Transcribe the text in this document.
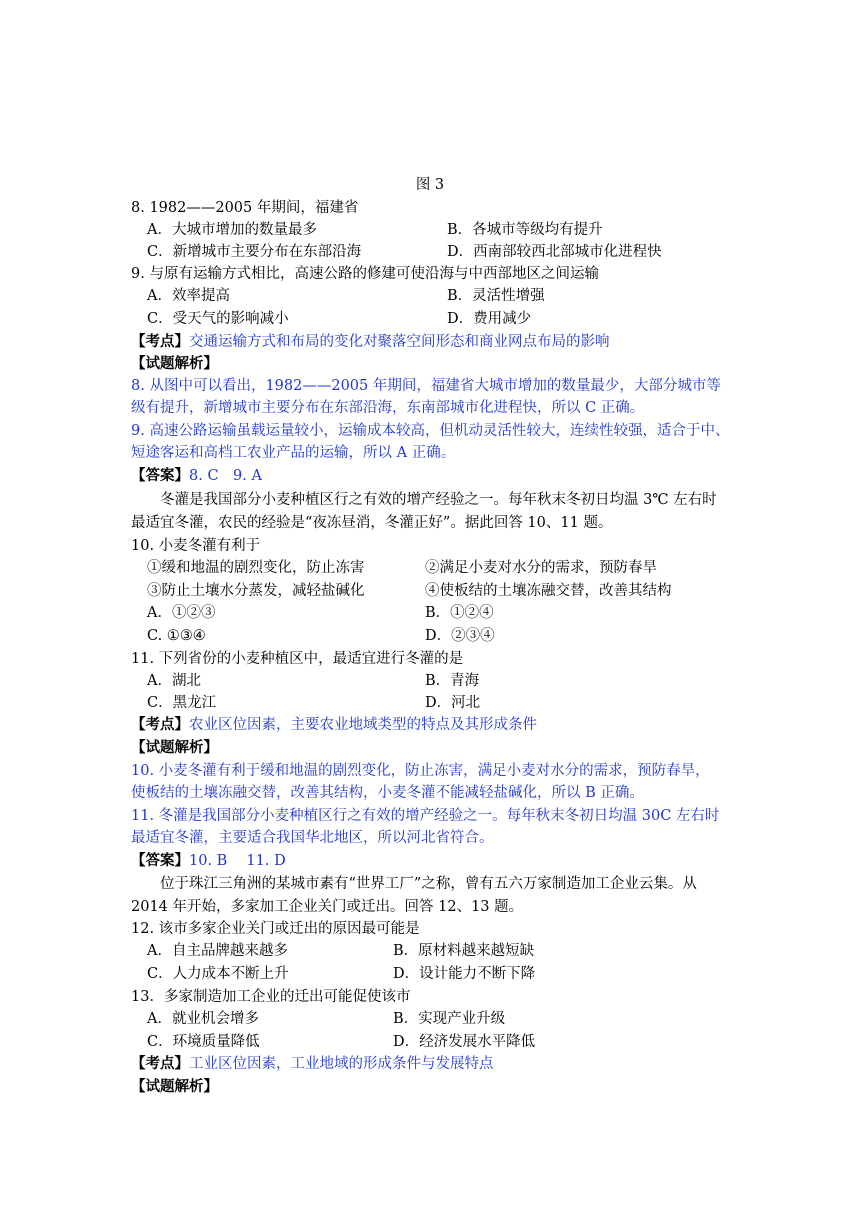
图 3
8. 1982——2005 年期间，福建省
A．大城市增加的数量最多	B．各城市等级均有提升
C．新增城市主要分布在东部沿海	D．西南部较西北部城市化进程快
9. 与原有运输方式相比，高速公路的修建可使沿海与中西部地区之间运输
A．效率提高	B．灵活性增强
C．受天气的影响减小	D．费用减少
【考点】交通运输方式和布局的变化对聚落空间形态和商业网点布局的影响
【试题解析】
8. 从图中可以看出，1982——2005 年期间，福建省大城市增加的数量最少，大部分城市等
级有提升，新增城市主要分布在东部沿海，东南部城市化进程快，所以 C 正确。
9. 高速公路运输虽载运量较小，运输成本较高，但机动灵活性较大，连续性较强，适合于中、
短途客运和高档工农业产品的运输，所以 A 正确。
【答案】8. C　9. A
冬灌是我国部分小麦种植区行之有效的增产经验之一。每年秋末冬初日均温 3℃ 左右时
最适宜冬灌，农民的经验是“夜冻昼消，冬灌正好”。据此回答 10、11 题。
10. 小麦冬灌有利于
①缓和地温的剧烈变化，防止冻害	②满足小麦对水分的需求，预防春旱
③防止土壤水分蒸发，减轻盐碱化	④使板结的土壤冻融交替，改善其结构
A．①②③	B．①②④
C. ①③④	D．②③④
11. 下列省份的小麦种植区中，最适宜进行冬灌的是
A．湖北	B．青海
C．黑龙江	D．河北
【考点】农业区位因素，主要农业地域类型的特点及其形成条件
【试题解析】
10. 小麦冬灌有利于缓和地温的剧烈变化，防止冻害，满足小麦对水分的需求，预防春旱，
使板结的土壤冻融交替，改善其结构，小麦冬灌不能减轻盐碱化，所以 B 正确。
11. 冬灌是我国部分小麦种植区行之有效的增产经验之一。每年秋末冬初日均温 30C 左右时
最适宜冬灌，主要适合我国华北地区，所以河北省符合。
【答案】10. B　 11. D
位于珠江三角洲的某城市素有“世界工厂”之称，曾有五六万家制造加工企业云集。从
2014 年开始，多家加工企业关门或迁出。回答 12、13 题。
12. 该市多家企业关门或迁出的原因最可能是
A．自主品牌越来越多	B．原材料越来越短缺
C．人力成本不断上升	D．设计能力不断下降
13．多家制造加工企业的迁出可能促使该市
A．就业机会增多	B．实现产业升级
C．环境质量降低	D．经济发展水平降低
【考点】工业区位因素，工业地域的形成条件与发展特点
【试题解析】
